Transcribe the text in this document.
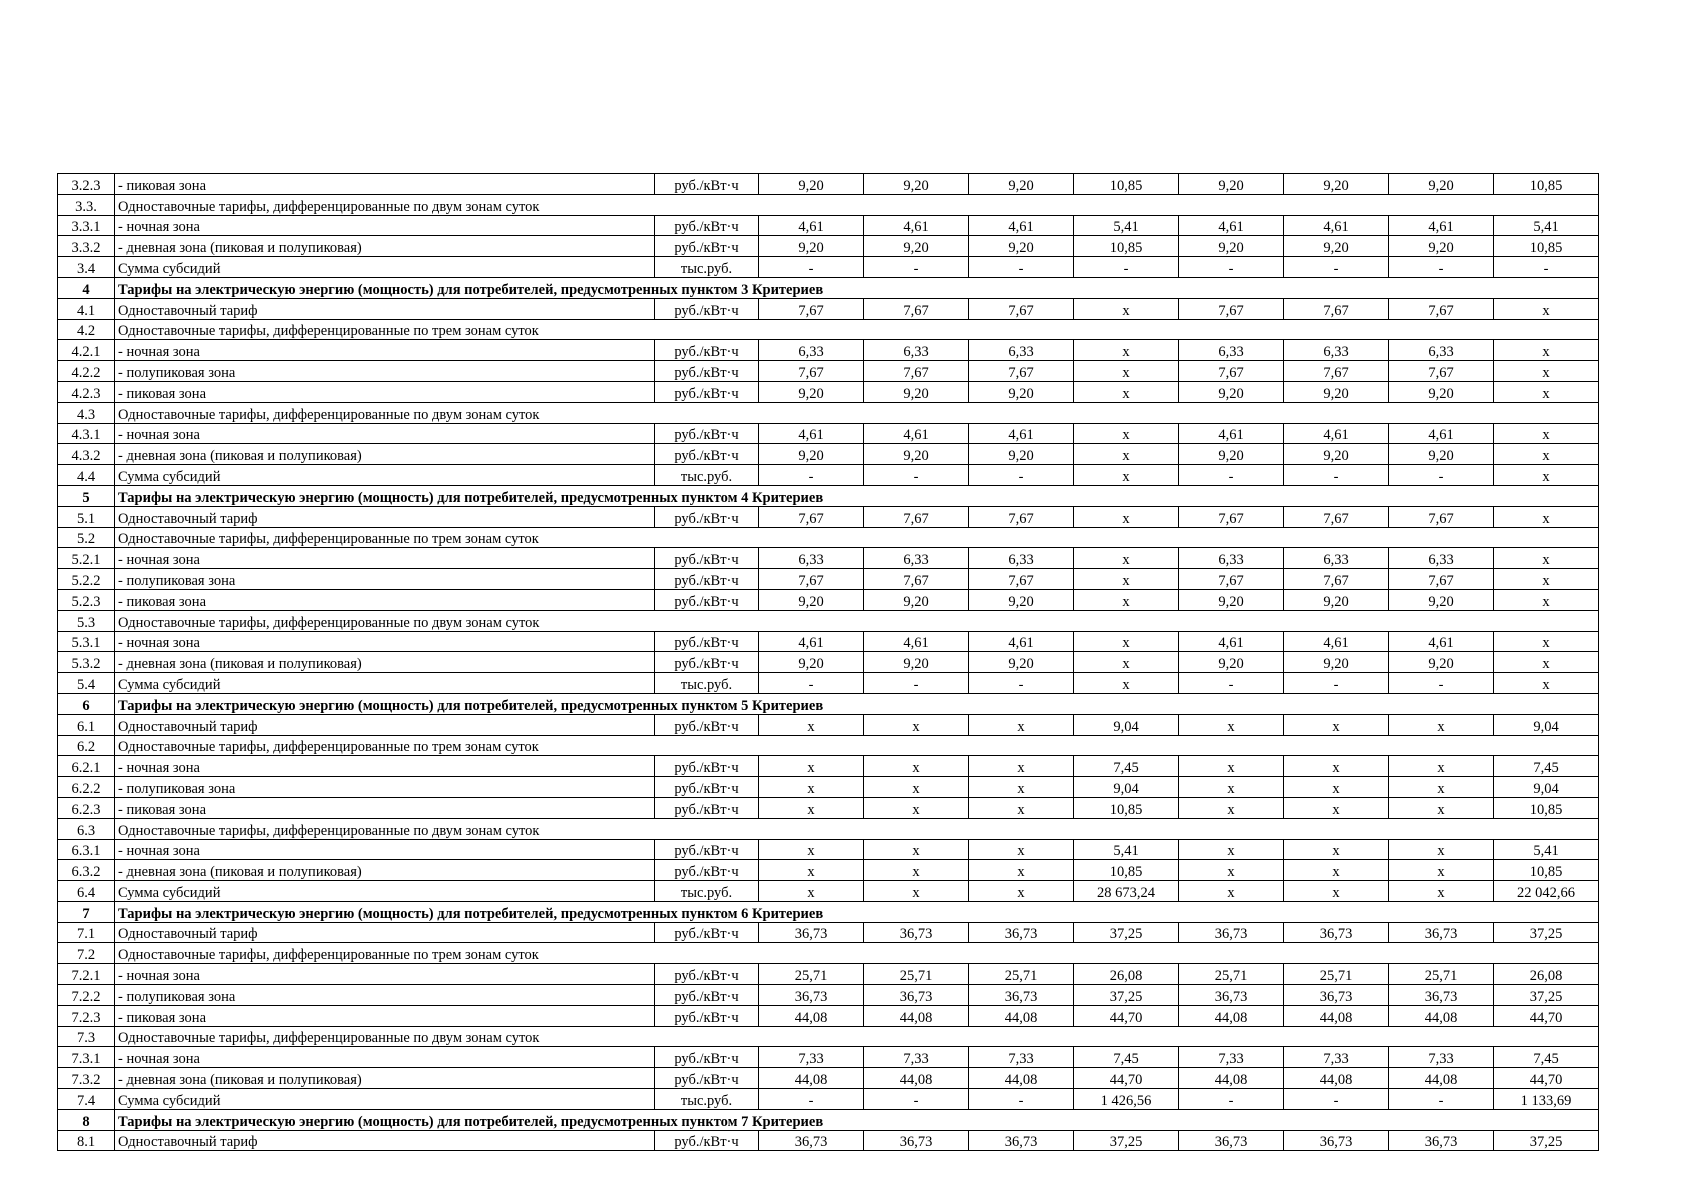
3.2.3	- пиковая зона	руб./кВт·ч	9,20	9,20	9,20	10,85	9,20	9,20	9,20	10,85
3.3.	Одноставочные тарифы, дифференцированные по двум зонам суток									
3.3.1	- ночная зона	руб./кВт·ч	4,61	4,61	4,61	5,41	4,61	4,61	4,61	5,41
3.3.2	- дневная зона (пиковая и полупиковая)	руб./кВт·ч	9,20	9,20	9,20	10,85	9,20	9,20	9,20	10,85
3.4	Сумма субсидий	тыс.руб.	-	-	-	-	-	-	-	-
4	Тарифы на электрическую энергию (мощность) для потребителей, предусмотренных пунктом 3 Критериев									
4.1	Одноставочный тариф	руб./кВт·ч	7,67	7,67	7,67	x	7,67	7,67	7,67	x
4.2	Одноставочные тарифы, дифференцированные по трем зонам суток									
4.2.1	- ночная зона	руб./кВт·ч	6,33	6,33	6,33	x	6,33	6,33	6,33	x
4.2.2	- полупиковая зона	руб./кВт·ч	7,67	7,67	7,67	x	7,67	7,67	7,67	x
4.2.3	- пиковая зона	руб./кВт·ч	9,20	9,20	9,20	x	9,20	9,20	9,20	x
4.3	Одноставочные тарифы, дифференцированные по двум зонам суток									
4.3.1	- ночная зона	руб./кВт·ч	4,61	4,61	4,61	x	4,61	4,61	4,61	x
4.3.2	- дневная зона (пиковая и полупиковая)	руб./кВт·ч	9,20	9,20	9,20	x	9,20	9,20	9,20	x
4.4	Сумма субсидий	тыс.руб.	-	-	-	x	-	-	-	x
5	Тарифы на электрическую энергию (мощность) для потребителей, предусмотренных пунктом 4 Критериев									
5.1	Одноставочный тариф	руб./кВт·ч	7,67	7,67	7,67	x	7,67	7,67	7,67	x
5.2	Одноставочные тарифы, дифференцированные по трем зонам суток									
5.2.1	- ночная зона	руб./кВт·ч	6,33	6,33	6,33	x	6,33	6,33	6,33	x
5.2.2	- полупиковая зона	руб./кВт·ч	7,67	7,67	7,67	x	7,67	7,67	7,67	x
5.2.3	- пиковая зона	руб./кВт·ч	9,20	9,20	9,20	x	9,20	9,20	9,20	x
5.3	Одноставочные тарифы, дифференцированные по двум зонам суток									
5.3.1	- ночная зона	руб./кВт·ч	4,61	4,61	4,61	x	4,61	4,61	4,61	x
5.3.2	- дневная зона (пиковая и полупиковая)	руб./кВт·ч	9,20	9,20	9,20	x	9,20	9,20	9,20	x
5.4	Сумма субсидий	тыс.руб.	-	-	-	x	-	-	-	x
6	Тарифы на электрическую энергию (мощность) для потребителей, предусмотренных пунктом 5 Критериев									
6.1	Одноставочный тариф	руб./кВт·ч	x	x	x	9,04	x	x	x	9,04
6.2	Одноставочные тарифы, дифференцированные по трем зонам суток									
6.2.1	- ночная зона	руб./кВт·ч	x	x	x	7,45	x	x	x	7,45
6.2.2	- полупиковая зона	руб./кВт·ч	x	x	x	9,04	x	x	x	9,04
6.2.3	- пиковая зона	руб./кВт·ч	x	x	x	10,85	x	x	x	10,85
6.3	Одноставочные тарифы, дифференцированные по двум зонам суток									
6.3.1	- ночная зона	руб./кВт·ч	x	x	x	5,41	x	x	x	5,41
6.3.2	- дневная зона (пиковая и полупиковая)	руб./кВт·ч	x	x	x	10,85	x	x	x	10,85
6.4	Сумма субсидий	тыс.руб.	x	x	x	28 673,24	x	x	x	22 042,66
7	Тарифы на электрическую энергию (мощность) для потребителей, предусмотренных пунктом 6 Критериев									
7.1	Одноставочный тариф	руб./кВт·ч	36,73	36,73	36,73	37,25	36,73	36,73	36,73	37,25
7.2	Одноставочные тарифы, дифференцированные по трем зонам суток									
7.2.1	- ночная зона	руб./кВт·ч	25,71	25,71	25,71	26,08	25,71	25,71	25,71	26,08
7.2.2	- полупиковая зона	руб./кВт·ч	36,73	36,73	36,73	37,25	36,73	36,73	36,73	37,25
7.2.3	- пиковая зона	руб./кВт·ч	44,08	44,08	44,08	44,70	44,08	44,08	44,08	44,70
7.3	Одноставочные тарифы, дифференцированные по двум зонам суток									
7.3.1	- ночная зона	руб./кВт·ч	7,33	7,33	7,33	7,45	7,33	7,33	7,33	7,45
7.3.2	- дневная зона (пиковая и полупиковая)	руб./кВт·ч	44,08	44,08	44,08	44,70	44,08	44,08	44,08	44,70
7.4	Сумма субсидий	тыс.руб.	-	-	-	1 426,56	-	-	-	1 133,69
8	Тарифы на электрическую энергию (мощность) для потребителей, предусмотренных пунктом 7 Критериев									
8.1	Одноставочный тариф	руб./кВт·ч	36,73	36,73	36,73	37,25	36,73	36,73	36,73	37,25
